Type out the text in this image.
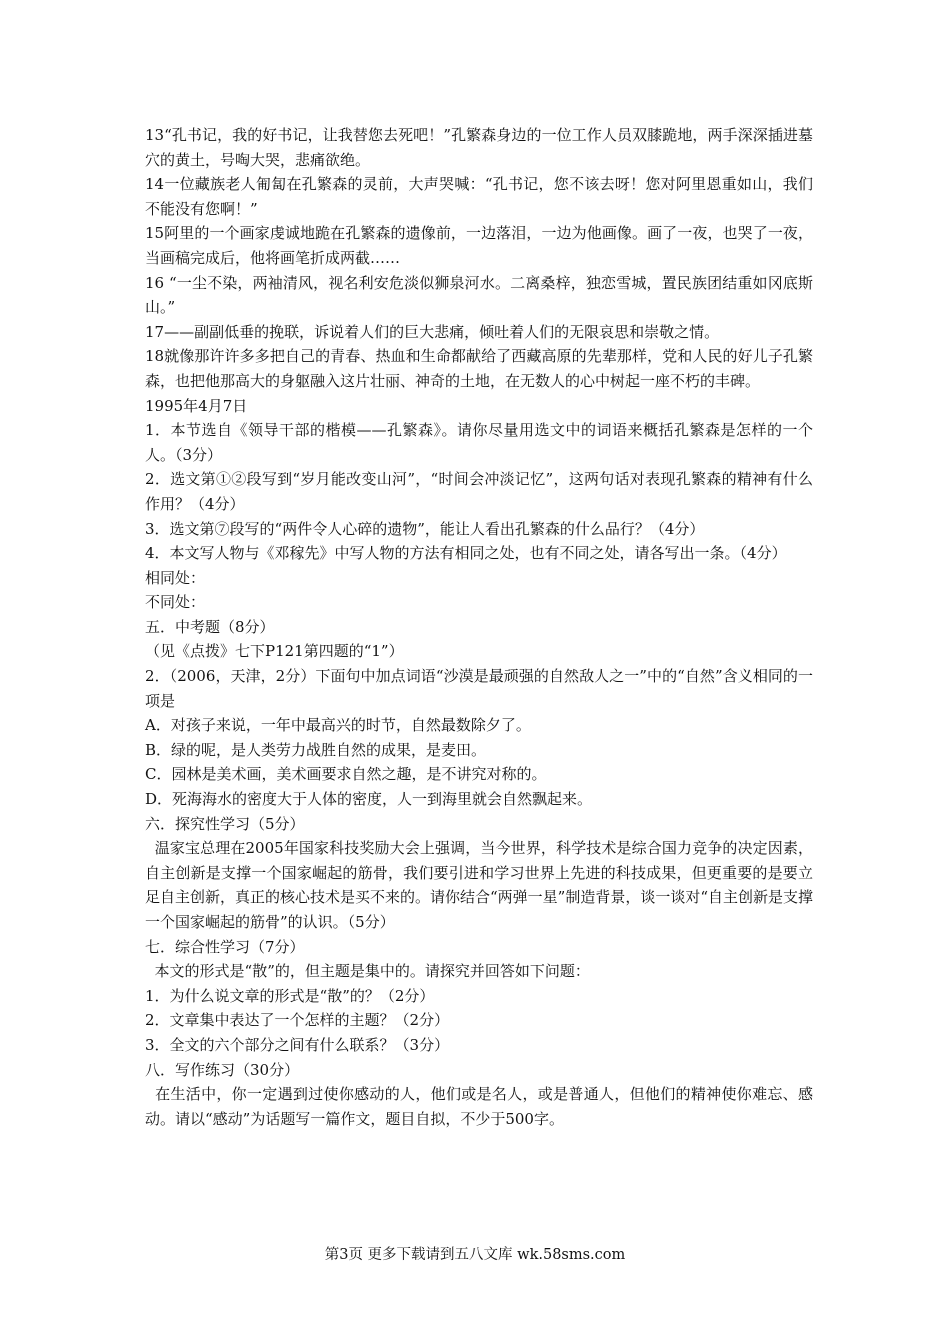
13“孔书记，我的好书记，让我替您去死吧！”孔繁森身边的一位工作人员双膝跪地，两手深深插进墓穴的黄土，号啕大哭，悲痛欲绝。

14一位藏族老人匍匐在孔繁森的灵前，大声哭喊：“孔书记，您不该去呀！您对阿里恩重如山，我们不能没有您啊！”

15阿里的一个画家虔诚地跪在孔繁森的遗像前，一边落泪，一边为他画像。画了一夜，也哭了一夜，当画稿完成后，他将画笔折成两截……

16 “一尘不染，两袖清风，视名利安危淡似狮泉河水。二离桑梓，独恋雪城，置民族团结重如冈底斯山。”

17——副副低垂的挽联，诉说着人们的巨大悲痛，倾吐着人们的无限哀思和崇敬之情。

18就像那许许多多把自己的青春、热血和生命都献给了西藏高原的先辈那样，党和人民的好儿子孔繁森，也把他那高大的身躯融入这片壮丽、神奇的土地，在无数人的心中树起一座不朽的丰碑。

1995年4月7日

1．本节选自《领导干部的楷模——孔繁森》。请你尽量用选文中的词语来概括孔繁森是怎样的一个人。（3分）

2．选文第①②段写到“岁月能改变山河”，“时间会冲淡记忆”，这两句话对表现孔繁森的精神有什么作用？（4分）

3．选文第⑦段写的“两件令人心碎的遗物”，能让人看出孔繁森的什么品行？（4分）

4．本文写人物与《邓稼先》中写人物的方法有相同之处，也有不同之处，请各写出一条。（4分）

相同处：

不同处：

五．中考题（8分）

（见《点拨》七下P121第四题的“1”）

2．（2006，天津，2分）下面句中加点词语“沙漠是最顽强的自然敌人之一”中的“自然”含义相同的一项是

A．对孩子来说，一年中最高兴的时节，自然最数除夕了。

B．绿的呢，是人类劳力战胜自然的成果，是麦田。

C．园林是美术画，美术画要求自然之趣，是不讲究对称的。

D．死海海水的密度大于人体的密度，人一到海里就会自然飘起来。

六．探究性学习（5分）

温家宝总理在2005年国家科技奖励大会上强调，当今世界，科学技术是综合国力竞争的决定因素，自主创新是支撑一个国家崛起的筋骨，我们要引进和学习世界上先进的科技成果，但更重要的是要立足自主创新，真正的核心技术是买不来的。请你结合“两弹一星”制造背景，谈一谈对“自主创新是支撑一个国家崛起的筋骨”的认识。（5分）

七．综合性学习（7分）

本文的形式是“散”的，但主题是集中的。请探究并回答如下问题：

1．为什么说文章的形式是“散”的？（2分）

2．文章集中表达了一个怎样的主题？（2分）

3．全文的六个部分之间有什么联系？（3分）

八．写作练习（30分）

在生活中，你一定遇到过使你感动的人，他们或是名人，或是普通人，但他们的精神使你难忘、感动。请以“感动”为话题写一篇作文，题目自拟，不少于500字。

第3页 更多下载请到五八文库 wk.58sms.com
